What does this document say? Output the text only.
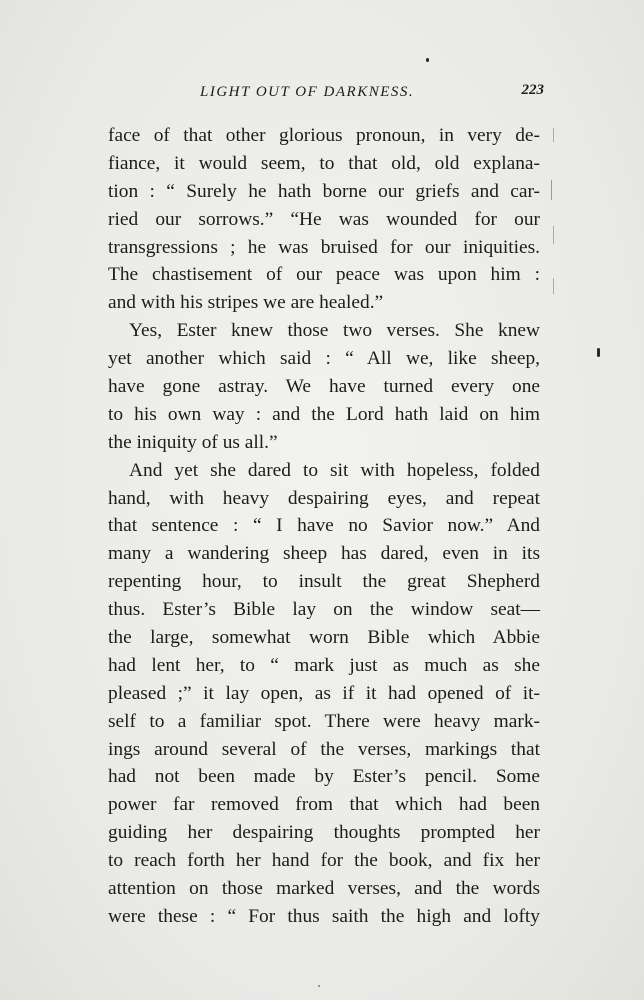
LIGHT OUT OF DARKNESS.	223
face of that other glorious pronoun, in very de-
fiance, it would seem, to that old, old explana-
tion : “ Surely he hath borne our griefs and car-
ried our sorrows.” “He was wounded for our
transgressions ; he was bruised for our iniquities.
The chastisement of our peace was upon him :
and with his stripes we are healed.”
Yes, Ester knew those two verses. She knew
yet another which said : “ All we, like sheep,
have gone astray. We have turned every one
to his own way : and the Lord hath laid on him
the iniquity of us all.”
And yet she dared to sit with hopeless, folded
hand, with heavy despairing eyes, and repeat
that sentence : “ I have no Savior now.” And
many a wandering sheep has dared, even in its
repenting hour, to insult the great Shepherd
thus. Ester’s Bible lay on the window seat—
the large, somewhat worn Bible which Abbie
had lent her, to “ mark just as much as she
pleased ;” it lay open, as if it had opened of it-
self to a familiar spot. There were heavy mark-
ings around several of the verses, markings that
had not been made by Ester’s pencil. Some
power far removed from that which had been
guiding her despairing thoughts prompted her
to reach forth her hand for the book, and fix her
attention on those marked verses, and the words
were these : “ For thus saith the high and lofty
